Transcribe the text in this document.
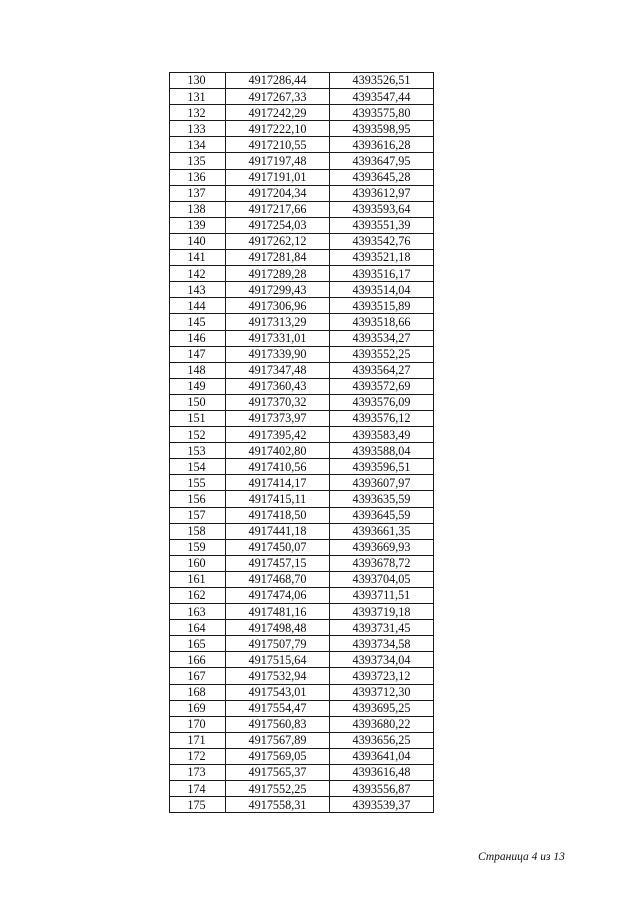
130	4917286,44	4393526,51
131	4917267,33	4393547,44
132	4917242,29	4393575,80
133	4917222,10	4393598,95
134	4917210,55	4393616,28
135	4917197,48	4393647,95
136	4917191,01	4393645,28
137	4917204,34	4393612,97
138	4917217,66	4393593,64
139	4917254,03	4393551,39
140	4917262,12	4393542,76
141	4917281,84	4393521,18
142	4917289,28	4393516,17
143	4917299,43	4393514,04
144	4917306,96	4393515,89
145	4917313,29	4393518,66
146	4917331,01	4393534,27
147	4917339,90	4393552,25
148	4917347,48	4393564,27
149	4917360,43	4393572,69
150	4917370,32	4393576,09
151	4917373,97	4393576,12
152	4917395,42	4393583,49
153	4917402,80	4393588,04
154	4917410,56	4393596,51
155	4917414,17	4393607,97
156	4917415,11	4393635,59
157	4917418,50	4393645,59
158	4917441,18	4393661,35
159	4917450,07	4393669,93
160	4917457,15	4393678,72
161	4917468,70	4393704,05
162	4917474,06	4393711,51
163	4917481,16	4393719,18
164	4917498,48	4393731,45
165	4917507,79	4393734,58
166	4917515,64	4393734,04
167	4917532,94	4393723,12
168	4917543,01	4393712,30
169	4917554,47	4393695,25
170	4917560,83	4393680,22
171	4917567,89	4393656,25
172	4917569,05	4393641,04
173	4917565,37	4393616,48
174	4917552,25	4393556,87
175	4917558,31	4393539,37
Страница 4 из 13
